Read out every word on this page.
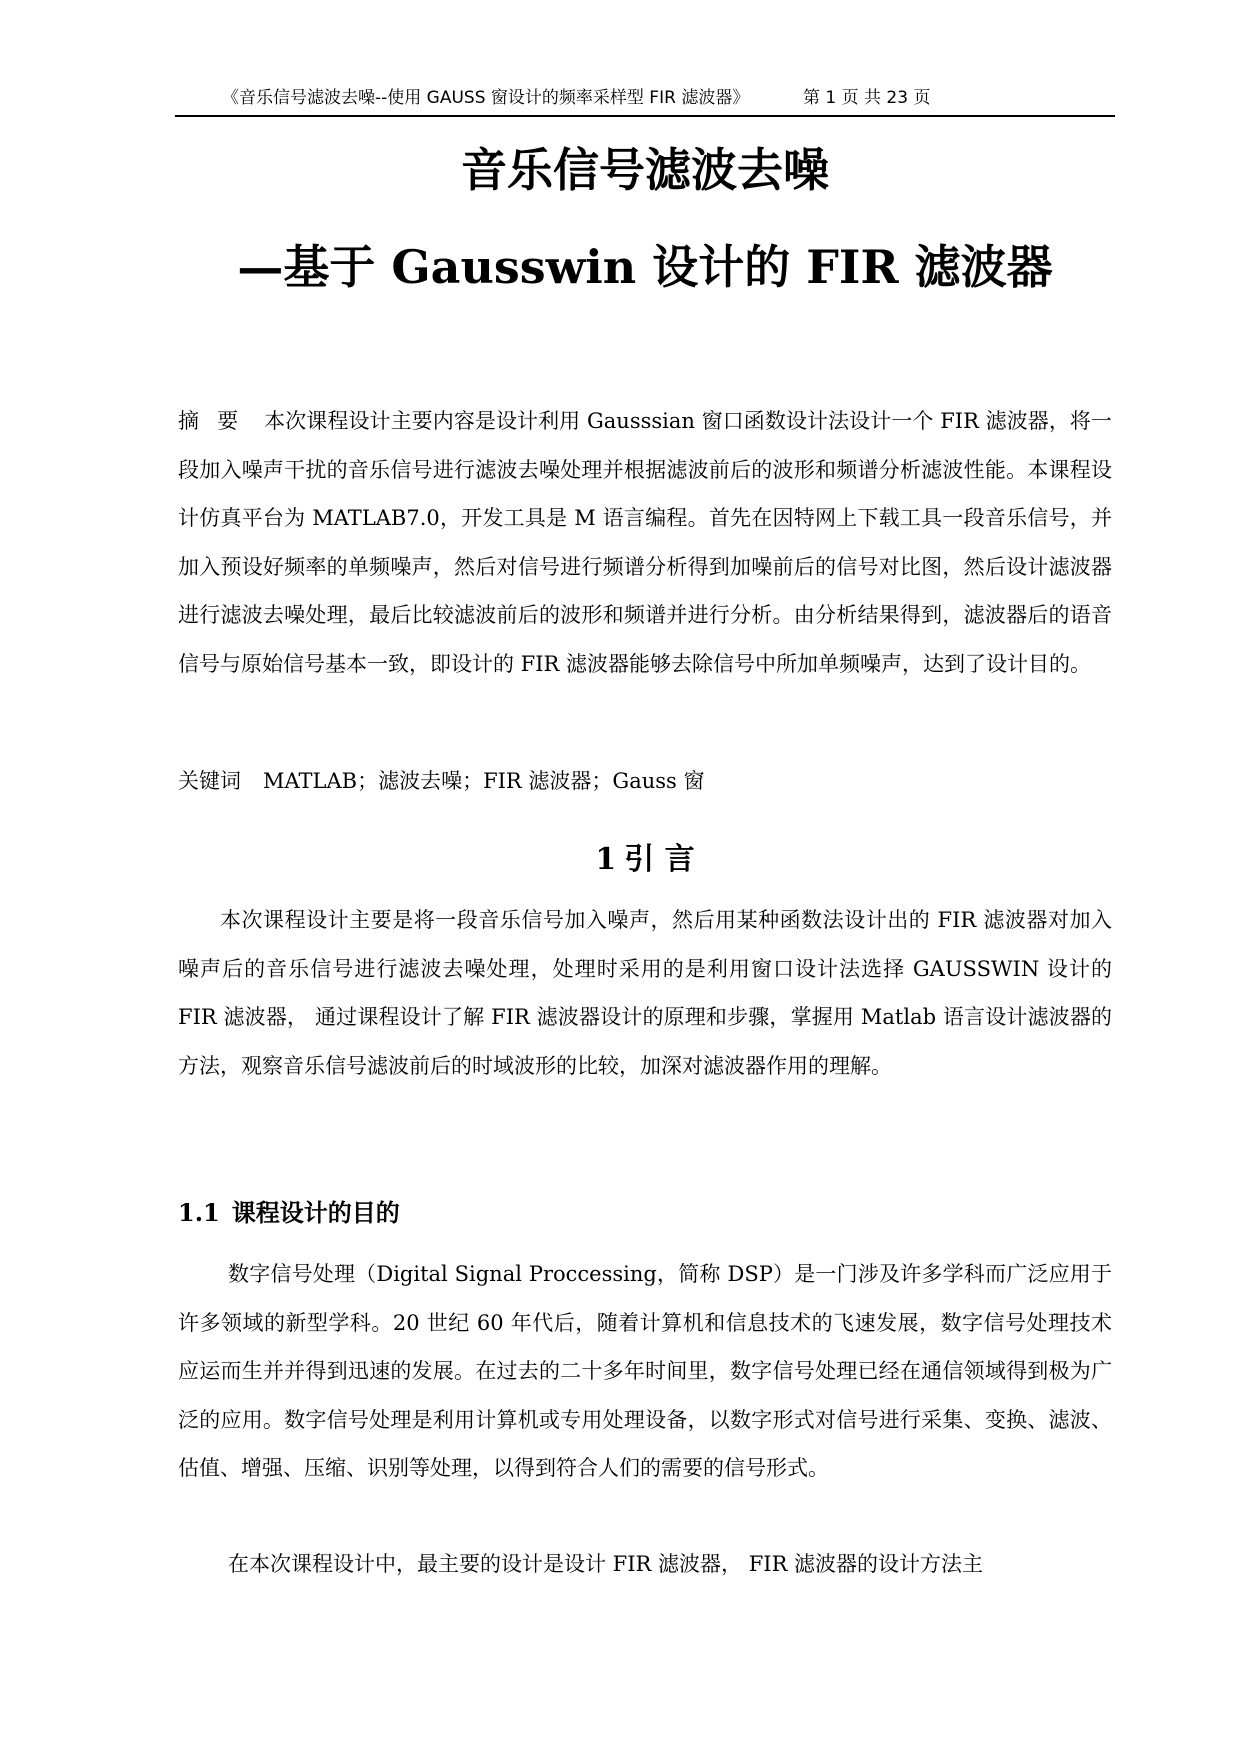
《音乐信号滤波去噪--使用 GAUSS 窗设计的频率采样型 FIR 滤波器》	第 1 页 共 23 页
音乐信号滤波去噪
—基于 Gausswin 设计的 FIR 滤波器
摘要 本次课程设计主要内容是设计利用 Gausssian 窗口函数设计法设计一个 FIR 滤波器，将一段加入噪声干扰的音乐信号进行滤波去噪处理并根据滤波前后的波形和频谱分析滤波性能。本课程设计仿真平台为 MATLAB7.0，开发工具是 M 语言编程。首先在因特网上下载工具一段音乐信号，并加入预设好频率的单频噪声，然后对信号进行频谱分析得到加噪前后的信号对比图，然后设计滤波器进行滤波去噪处理，最后比较滤波前后的波形和频谱并进行分析。由分析结果得到，滤波器后的语音信号与原始信号基本一致，即设计的 FIR 滤波器能够去除信号中所加单频噪声，达到了设计目的。
关键词 MATLAB；滤波去噪；FIR 滤波器；Gauss 窗
1 引 言
本次课程设计主要是将一段音乐信号加入噪声，然后用某种函数法设计出的 FIR 滤波器对加入噪声后的音乐信号进行滤波去噪处理，处理时采用的是利用窗口设计法选择 GAUSSWIN 设计的 FIR 滤波器， 通过课程设计了解 FIR 滤波器设计的原理和步骤，掌握用 Matlab 语言设计滤波器的方法，观察音乐信号滤波前后的时域波形的比较，加深对滤波器作用的理解。
1.1 课程设计的目的
数字信号处理（Digital Signal Proccessing，简称 DSP）是一门涉及许多学科而广泛应用于许多领域的新型学科。20 世纪 60 年代后，随着计算机和信息技术的飞速发展，数字信号处理技术应运而生并并得到迅速的发展。在过去的二十多年时间里，数字信号处理已经在通信领域得到极为广泛的应用。数字信号处理是利用计算机或专用处理设备，以数字形式对信号进行采集、变换、滤波、估值、增强、压缩、识别等处理，以得到符合人们的需要的信号形式。
在本次课程设计中，最主要的设计是设计 FIR 滤波器， FIR 滤波器的设计方法主
